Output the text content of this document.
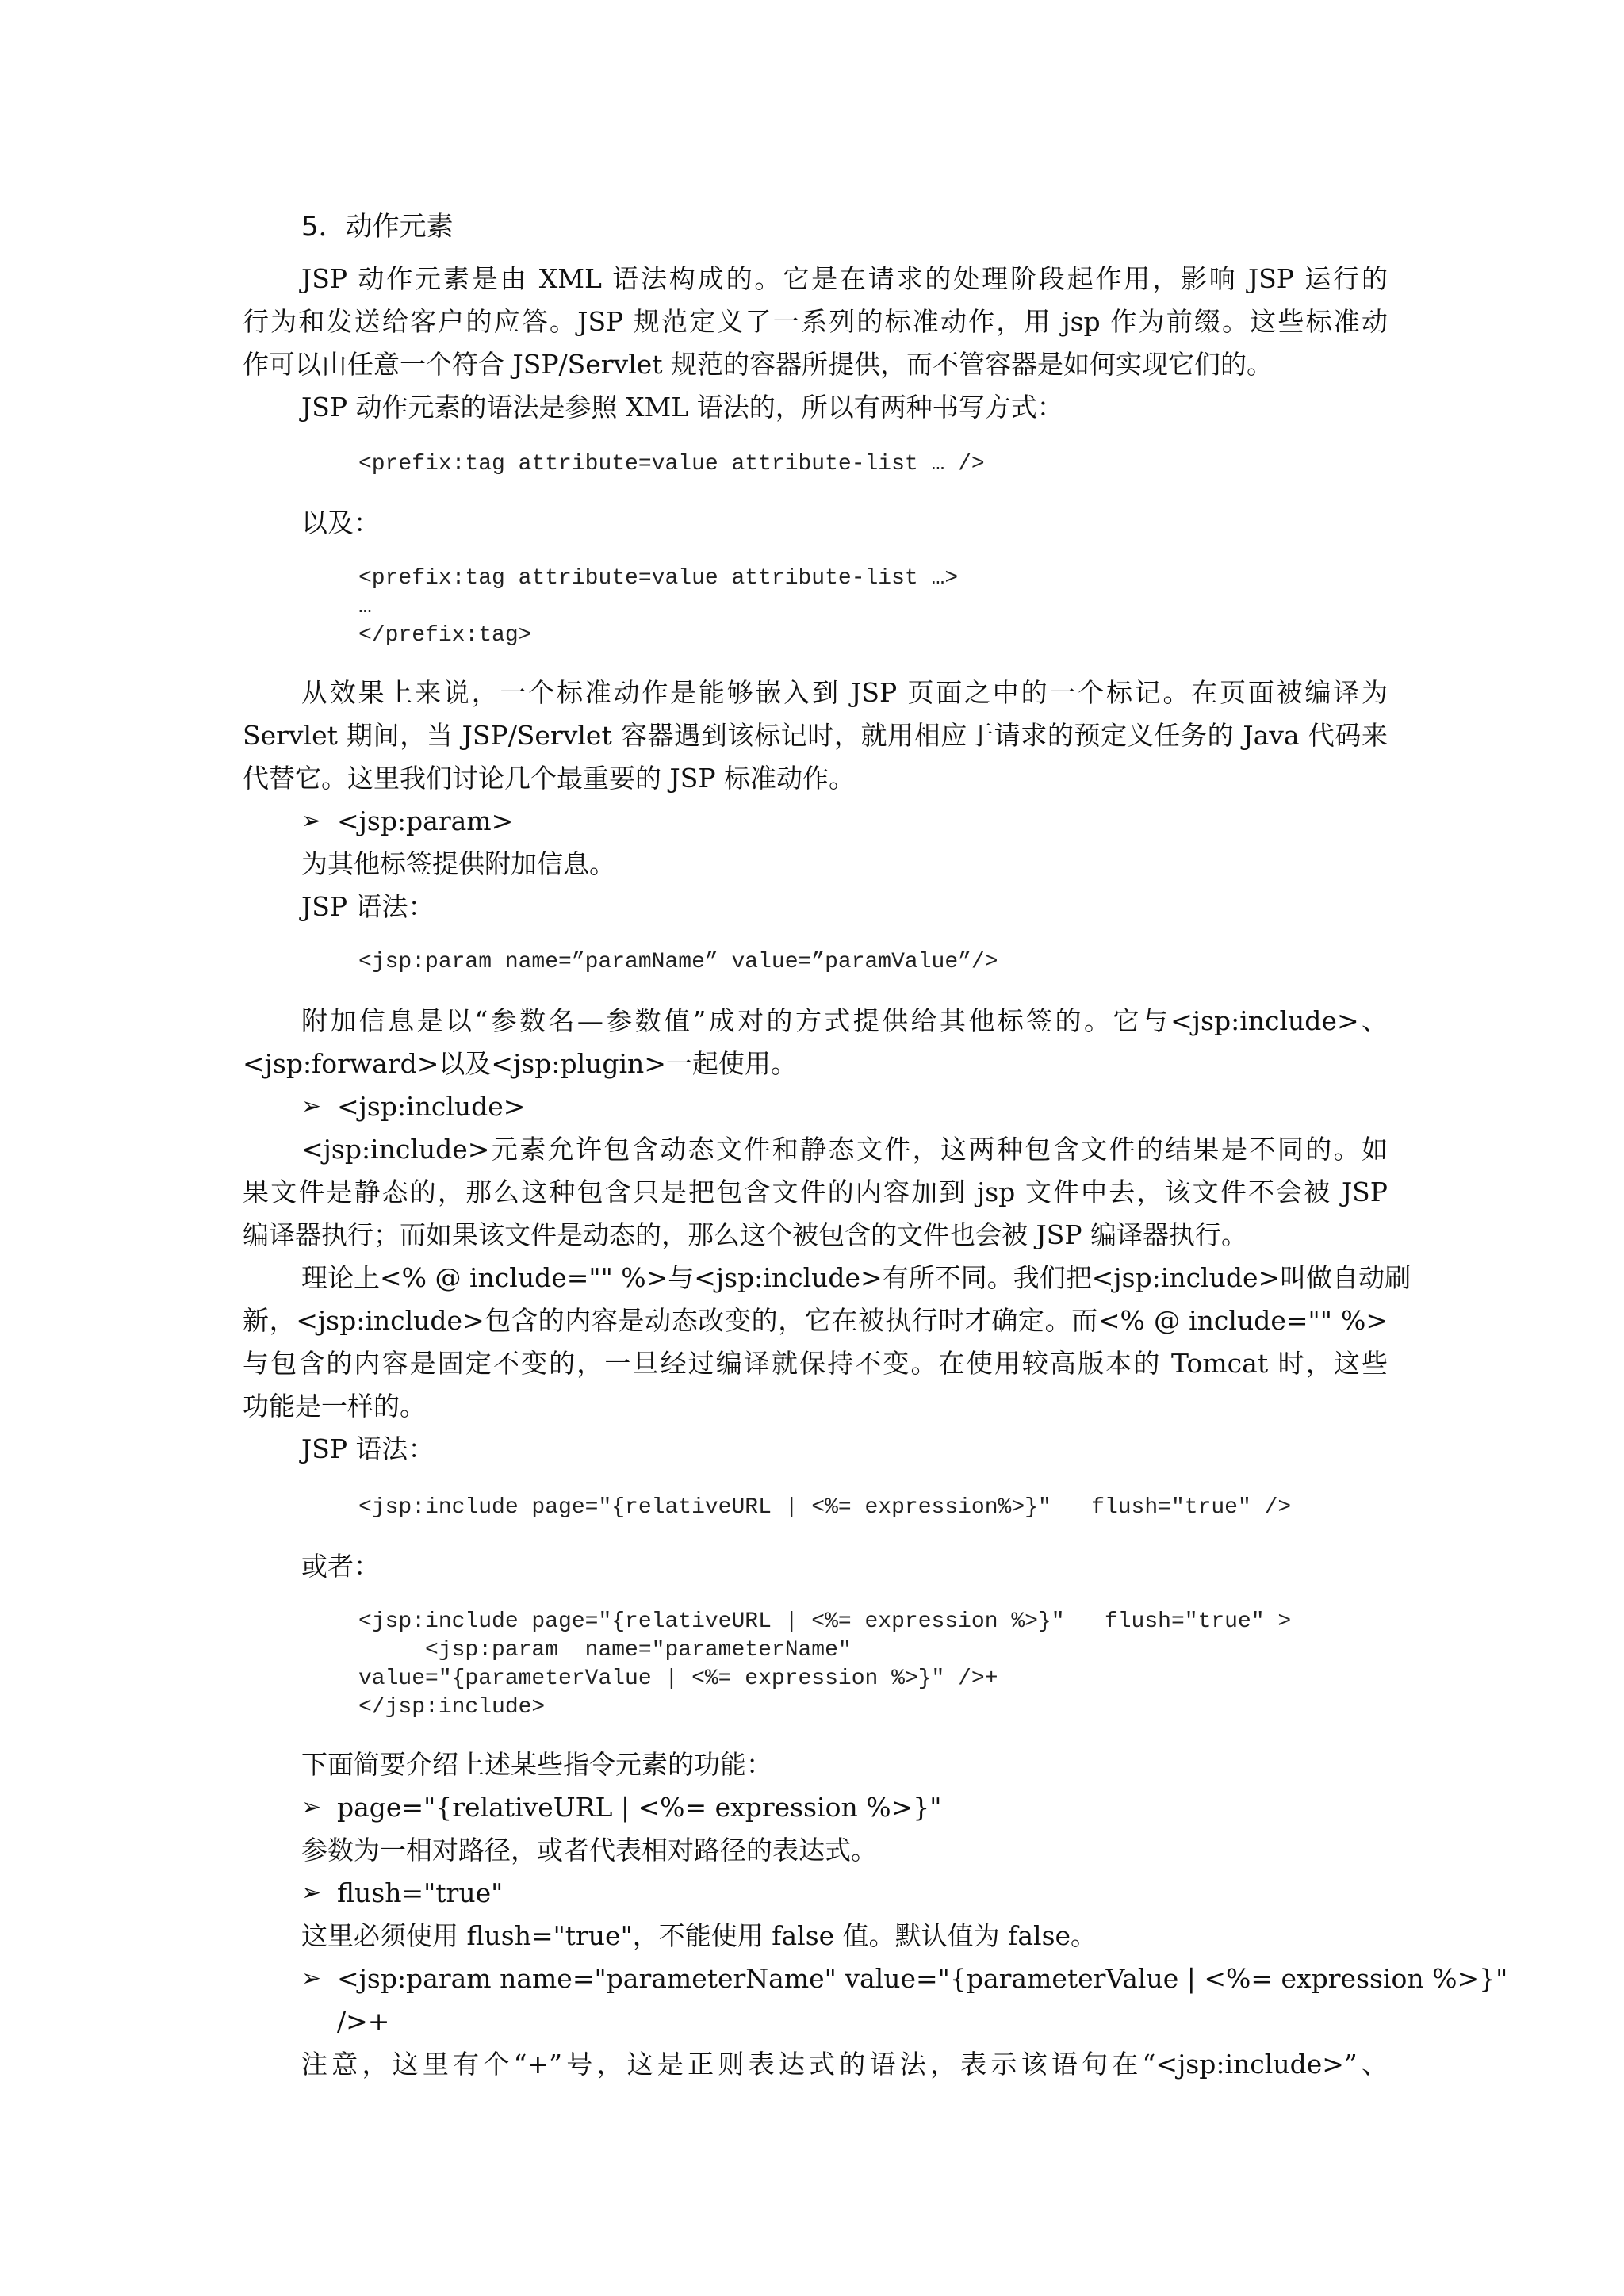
5．动作元素
JSP 动作元素是由 XML 语法构成的。它是在请求的处理阶段起作用，影响 JSP 运行的
行为和发送给客户的应答。JSP 规范定义了一系列的标准动作，用 jsp 作为前缀。这些标准动
作可以由任意一个符合 JSP/Servlet 规范的容器所提供，而不管容器是如何实现它们的。
JSP 动作元素的语法是参照 XML 语法的，所以有两种书写方式：
<prefix:tag attribute=value attribute-list … />
以及：
<prefix:tag attribute=value attribute-list …>
…
</prefix:tag>
从效果上来说，一个标准动作是能够嵌入到 JSP 页面之中的一个标记。在页面被编译为
Servlet 期间，当 JSP/Servlet 容器遇到该标记时，就用相应于请求的预定义任务的 Java 代码来
代替它。这里我们讨论几个最重要的 JSP 标准动作。
➢ <jsp:param>
为其他标签提供附加信息。
JSP 语法：
<jsp:param name=”paramName” value=”paramValue”/>
附加信息是以“参数名—参数值”成对的方式提供给其他标签的。它与<jsp:include>、
<jsp:forward>以及<jsp:plugin>一起使用。
➢ <jsp:include>
<jsp:include>元素允许包含动态文件和静态文件，这两种包含文件的结果是不同的。如
果文件是静态的，那么这种包含只是把包含文件的内容加到 jsp 文件中去，该文件不会被 JSP
编译器执行；而如果该文件是动态的，那么这个被包含的文件也会被 JSP 编译器执行。
理论上<% @ include="" %>与<jsp:include>有所不同。我们把<jsp:include>叫做自动刷
新，<jsp:include>包含的内容是动态改变的，它在被执行时才确定。而<% @ include="" %>
与包含的内容是固定不变的，一旦经过编译就保持不变。在使用较高版本的 Tomcat 时，这些
功能是一样的。
JSP 语法：
<jsp:include page="{relativeURL | <%= expression%>}"   flush="true" />
或者：
<jsp:include page="{relativeURL | <%= expression %>}"   flush="true" >
<jsp:param  name="parameterName"
value="{parameterValue | <%= expression %>}" />+
</jsp:include>
下面简要介绍上述某些指令元素的功能：
➢ page="{relativeURL | <%= expression %>}"
参数为一相对路径，或者代表相对路径的表达式。
➢ flush="true"
这里必须使用 flush="true"，不能使用 false 值。默认值为 false。
➢ <jsp:param name="parameterName" value="{parameterValue | <%= expression %>}"
/>+
注意，这里有个“+”号，这是正则表达式的语法，表示该语句在“<jsp:include>”、
